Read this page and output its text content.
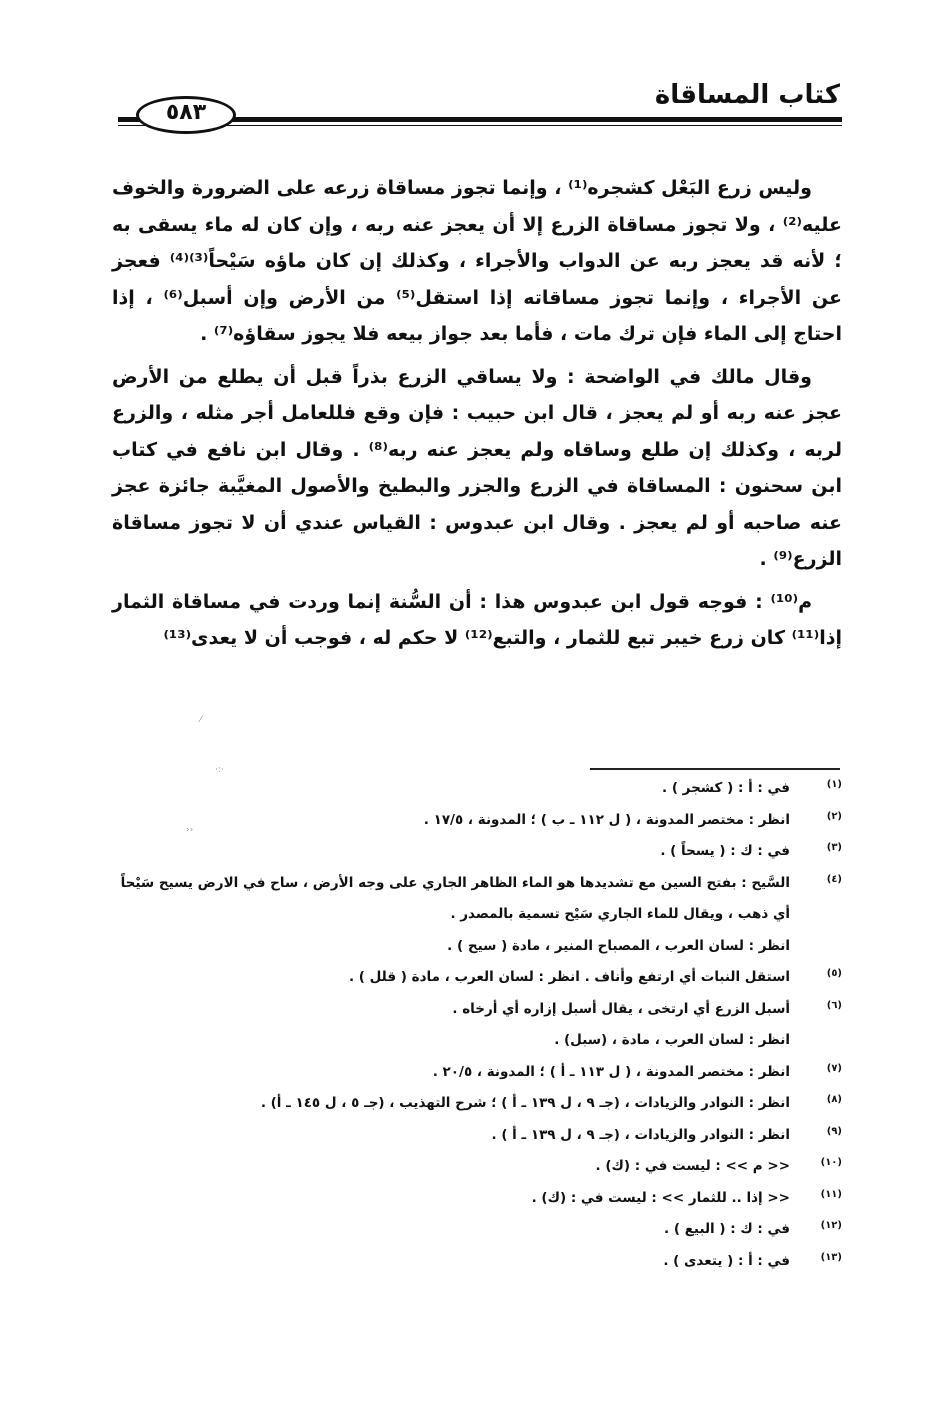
كتاب المساقاة
٥٨٣

وليس زرع البَعْل كشجره⁽¹⁾ ، وإنما تجوز مساقاة زرعه على الضرورة والخوف عليه⁽²⁾ ، ولا تجوز مساقاة الزرع إلا أن يعجز عنه ربه ، وإن كان له ماء يسقى به ؛ لأنه قد يعجز ربه عن الدواب والأجراء ، وكذلك إن كان ماؤه سَيْحاً⁽³⁾⁽⁴⁾ فعجز عن الأجراء ، وإنما تجوز مساقاته إذا استقل⁽⁵⁾ من الأرض وإن أسبل⁽⁶⁾ ، إذا احتاج إلى الماء فإن ترك مات ، فأما بعد جواز بيعه فلا يجوز سقاؤه⁽⁷⁾ .

وقال مالك في الواضحة : ولا يساقي الزرع بذراً قبل أن يطلع من الأرض عجز عنه ربه أو لم يعجز ، قال ابن حبيب : فإن وقع فللعامل أجر مثله ، والزرع لربه ، وكذلك إن طلع وساقاه ولم يعجز عنه ربه⁽⁸⁾ . وقال ابن نافع في كتاب ابن سحنون : المساقاة في الزرع والجزر والبطيخ والأصول المغيَّبة جائزة عجز عنه صاحبه أو لم يعجز . وقال ابن عبدوس : القياس عندي أن لا تجوز مساقاة الزرع⁽⁹⁾ .

م⁽¹⁰⁾ : فوجه قول ابن عبدوس هذا : أن السُّنة إنما وردت في مساقاة الثمار إذا⁽¹¹⁾ كان زرع خيبر تبع للثمار ، والتبع⁽¹²⁾ لا حكم له ، فوجب أن لا يعدى⁽¹³⁾

⁄
·:·
››
(١)
في : أ : ( كشجر ) .
(٢)
انظر : مختصر المدونة ، ( ل ١١٢ ـ ب ) ؛ المدونة ، ١٧/٥ .
(٣)
في : ك : ( يسحاً ) .
(٤)
السَّيح : بفتح السين مع تشديدها هو الماء الظاهر الجاري على وجه الأرض ، ساح في الارض يسيح سَيْحاً أي ذهب ، ويقال للماء الجاري سَيْح تسمية بالمصدر .
انظر : لسان العرب ، المصباح المنير ، مادة ( سيح ) .
(٥)
استقل النبات أي ارتفع وأناف . انظر : لسان العرب ، مادة ( قلل ) .
(٦)
أسبل الزرع أي ارتخى ، يقال أسبل إزاره أي أرخاه .
انظر : لسان العرب ، مادة ، (سبل) .
(٧)
انظر : مختصر المدونة ، ( ل ١١٣ ـ أ ) ؛ المدونة ، ٢٠/٥ .
(٨)
انظر : النوادر والزيادات ، (جـ ٩ ، ل ١٣٩ ـ أ ) ؛ شرح التهذيب ، (جـ ٥ ، ل ١٤٥ ـ أ) .
(٩)
انظر : النوادر والزيادات ، (جـ ٩ ، ل ١٣٩ ـ أ ) .
(١٠)
<< م >> : ليست في : (ك) .
(١١)
<< إذا .. للثمار >> : ليست في : (ك) .
(١٢)
في : ك : ( البيع ) .
(١٣)
في : أ : ( يتعدى ) .
